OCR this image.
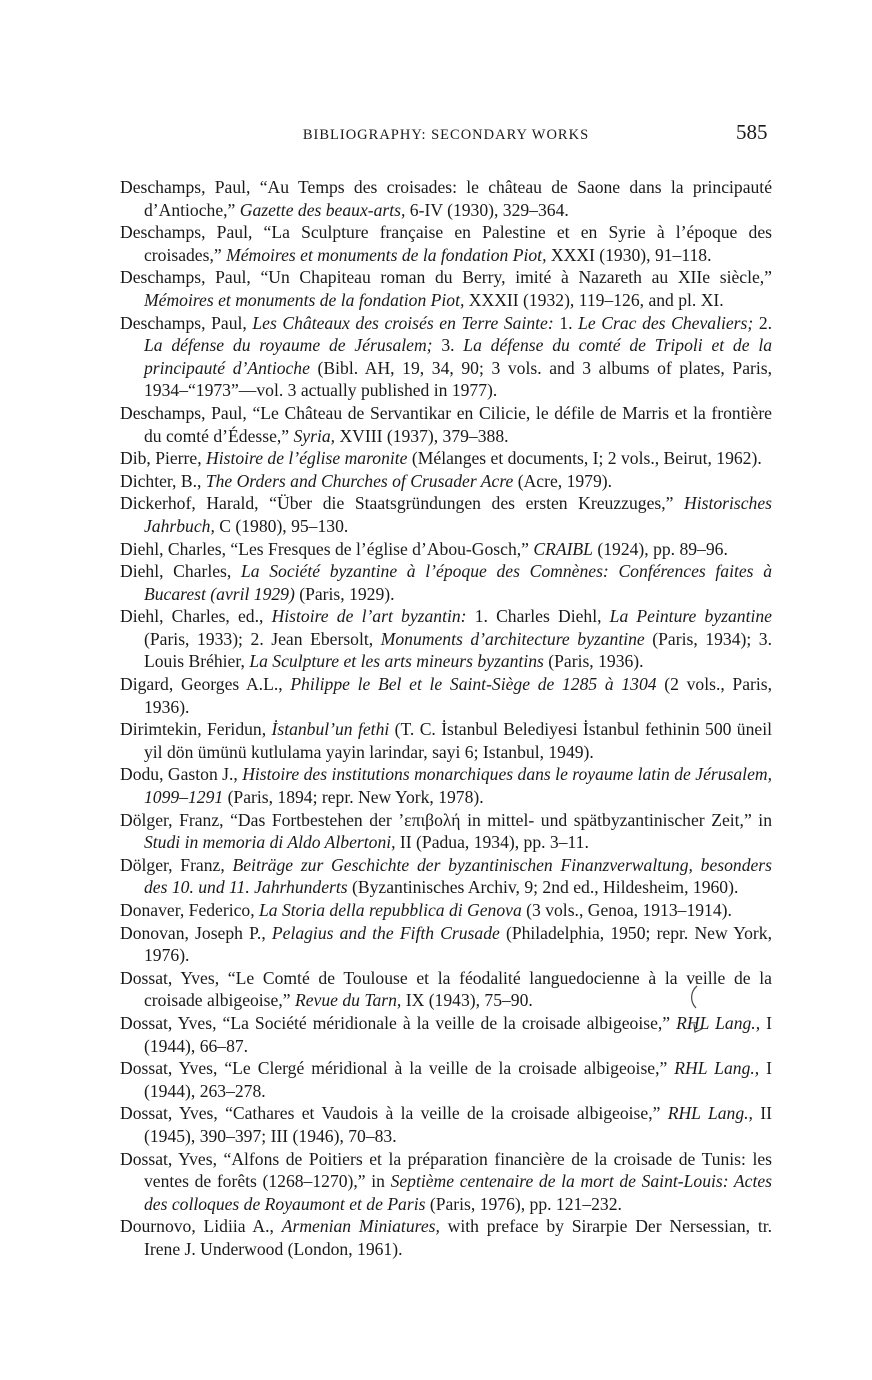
BIBLIOGRAPHY: SECONDARY WORKS	585

Deschamps, Paul, “Au Temps des croisades: le château de Saone dans la principauté d’Antioche,” Gazette des beaux-arts, 6-IV (1930), 329–364.

Deschamps, Paul, “La Sculpture française en Palestine et en Syrie à l’époque des croisades,” Mémoires et monuments de la fondation Piot, XXXI (1930), 91–118.

Deschamps, Paul, “Un Chapiteau roman du Berry, imité à Nazareth au XIIe siècle,” Mémoires et monuments de la fondation Piot, XXXII (1932), 119–126, and pl. XI.

Deschamps, Paul, Les Châteaux des croisés en Terre Sainte: 1. Le Crac des Chevaliers; 2. La défense du royaume de Jérusalem; 3. La défense du comté de Tripoli et de la principauté d’Antioche (Bibl. AH, 19, 34, 90; 3 vols. and 3 albums of plates, Paris, 1934–“1973”—vol. 3 actually published in 1977).

Deschamps, Paul, “Le Château de Servantikar en Cilicie, le défile de Marris et la frontière du comté d’Édesse,” Syria, XVIII (1937), 379–388.

Dib, Pierre, Histoire de l’église maronite (Mélanges et documents, I; 2 vols., Beirut, 1962).

Dichter, B., The Orders and Churches of Crusader Acre (Acre, 1979).

Dickerhof, Harald, “Über die Staatsgründungen des ersten Kreuzzuges,” Historisches Jahrbuch, C (1980), 95–130.

Diehl, Charles, “Les Fresques de l’église d’Abou-Gosch,” CRAIBL (1924), pp. 89–96.

Diehl, Charles, La Société byzantine à l’époque des Comnènes: Conférences faites à Bucarest (avril 1929) (Paris, 1929).

Diehl, Charles, ed., Histoire de l’art byzantin: 1. Charles Diehl, La Peinture byzantine (Paris, 1933); 2. Jean Ebersolt, Monuments d’architecture byzantine (Paris, 1934); 3. Louis Bréhier, La Sculpture et les arts mineurs byzantins (Paris, 1936).

Digard, Georges A.L., Philippe le Bel et le Saint-Siège de 1285 à 1304 (2 vols., Paris, 1936).

Dirimtekin, Feridun, İstanbul’un fethi (T. C. İstanbul Belediyesi İstanbul fethinin 500 üneil yil dön ümünü kutlulama yayin larindar, sayi 6; Istanbul, 1949).

Dodu, Gaston J., Histoire des institutions monarchiques dans le royaume latin de Jérusalem, 1099–1291 (Paris, 1894; repr. New York, 1978).

Dölger, Franz, “Das Fortbestehen der ’επιβολή in mittel- und spätbyzantinischer Zeit,” in Studi in memoria di Aldo Albertoni, II (Padua, 1934), pp. 3–11.

Dölger, Franz, Beiträge zur Geschichte der byzantinischen Finanzverwaltung, besonders des 10. und 11. Jahrhunderts (Byzantinisches Archiv, 9; 2nd ed., Hildesheim, 1960).

Donaver, Federico, La Storia della repubblica di Genova (3 vols., Genoa, 1913–1914).

Donovan, Joseph P., Pelagius and the Fifth Crusade (Philadelphia, 1950; repr. New York, 1976).

Dossat, Yves, “Le Comté de Toulouse et la féodalité languedocienne à la veille de la croisade albigeoise,” Revue du Tarn, IX (1943), 75–90.

Dossat, Yves, “La Société méridionale à la veille de la croisade albigeoise,” RHL Lang., I (1944), 66–87.

Dossat, Yves, “Le Clergé méridional à la veille de la croisade albigeoise,” RHL Lang., I (1944), 263–278.

Dossat, Yves, “Cathares et Vaudois à la veille de la croisade albigeoise,” RHL Lang., II (1945), 390–397; III (1946), 70–83.

Dossat, Yves, “Alfons de Poitiers et la préparation financière de la croisade de Tunis: les ventes de forêts (1268–1270),” in Septième centenaire de la mort de Saint-Louis: Actes des colloques de Royaumont et de Paris (Paris, 1976), pp. 121–232.

Dournovo, Lidiia A., Armenian Miniatures, with preface by Sirarpie Der Nersessian, tr. Irene J. Underwood (London, 1961).
